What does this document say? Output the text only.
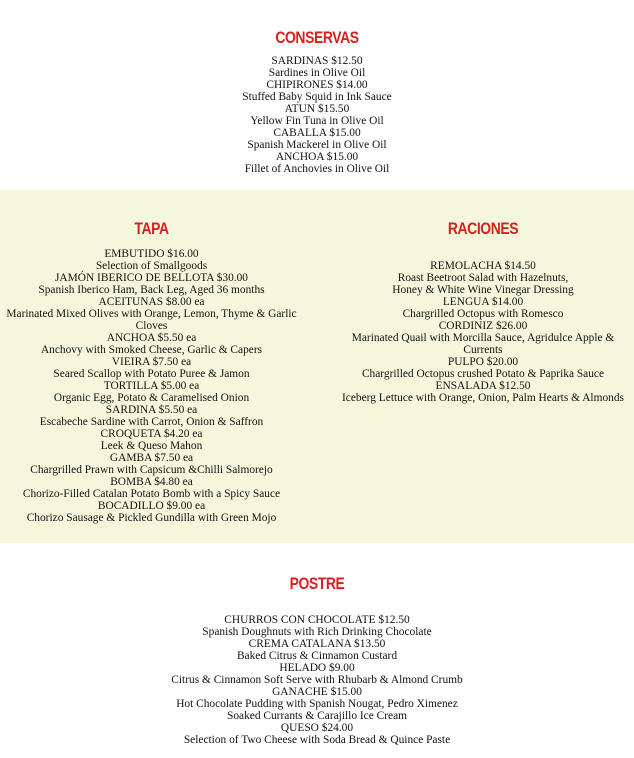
CONSERVAS
SARDINAS $12.50
Sardines in Olive Oil
CHIPIRONES $14.00
Stuffed Baby Squid in Ink Sauce
ATUN $15.50
Yellow Fin Tuna in Olive Oil
CABALLA $15.00
Spanish Mackerel in Olive Oil
ANCHOA $15.00
Fillet of Anchovies in Olive Oil
TAPA
EMBUTIDO $16.00
Selection of Smallgoods
JAMÓN IBERICO DE BELLOTA $30.00
Spanish Iberico Ham, Back Leg, Aged 36 months
ACEITUNAS $8.00 ea
Marinated Mixed Olives with Orange, Lemon, Thyme & Garlic Cloves
ANCHOA $5.50 ea
Anchovy with Smoked Cheese, Garlic & Capers
VIEIRA $7.50 ea
Seared Scallop with Potato Puree & Jamon
TORTILLA $5.00 ea
Organic Egg, Potato & Caramelised Onion
SARDINA $5.50 ea
Escabeche Sardine with Carrot, Onion & Saffron
CROQUETA $4.20 ea
Leek & Queso Mahon
GAMBA $7.50 ea
Chargrilled Prawn with Capsicum &Chilli Salmorejo
BOMBA $4.80 ea
Chorizo-Filled Catalan Potato Bomb with a Spicy Sauce
BOCADILLO $9.00 ea
Chorizo Sausage & Pickled Gundilla with Green Mojo
RACIONES
REMOLACHA $14.50
Roast Beetroot Salad with Hazelnuts,
Honey & White Wine Vinegar Dressing
LENGUA $14.00
Chargrilled Octopus with Romesco
CORDINIZ $26.00
Marinated Quail with Morcilla Sauce, Agridulce Apple & Currents
PULPO $20.00
Chargrilled Octopus crushed Potato & Paprika Sauce
ENSALADA $12.50
Iceberg Lettuce with Orange, Onion, Palm Hearts & Almonds
POSTRE
CHURROS CON CHOCOLATE $12.50
Spanish Doughnuts with Rich Drinking Chocolate
CREMA CATALANA $13.50
Baked Citrus & Cinnamon Custard
HELADO $9.00
Citrus & Cinnamon Soft Serve with Rhubarb & Almond Crumb
GANACHE $15.00
Hot Chocolate Pudding with Spanish Nougat, Pedro Ximenez
Soaked Currants & Carajillo Ice Cream
QUESO $24.00
Selection of Two Cheese with Soda Bread & Quince Paste
